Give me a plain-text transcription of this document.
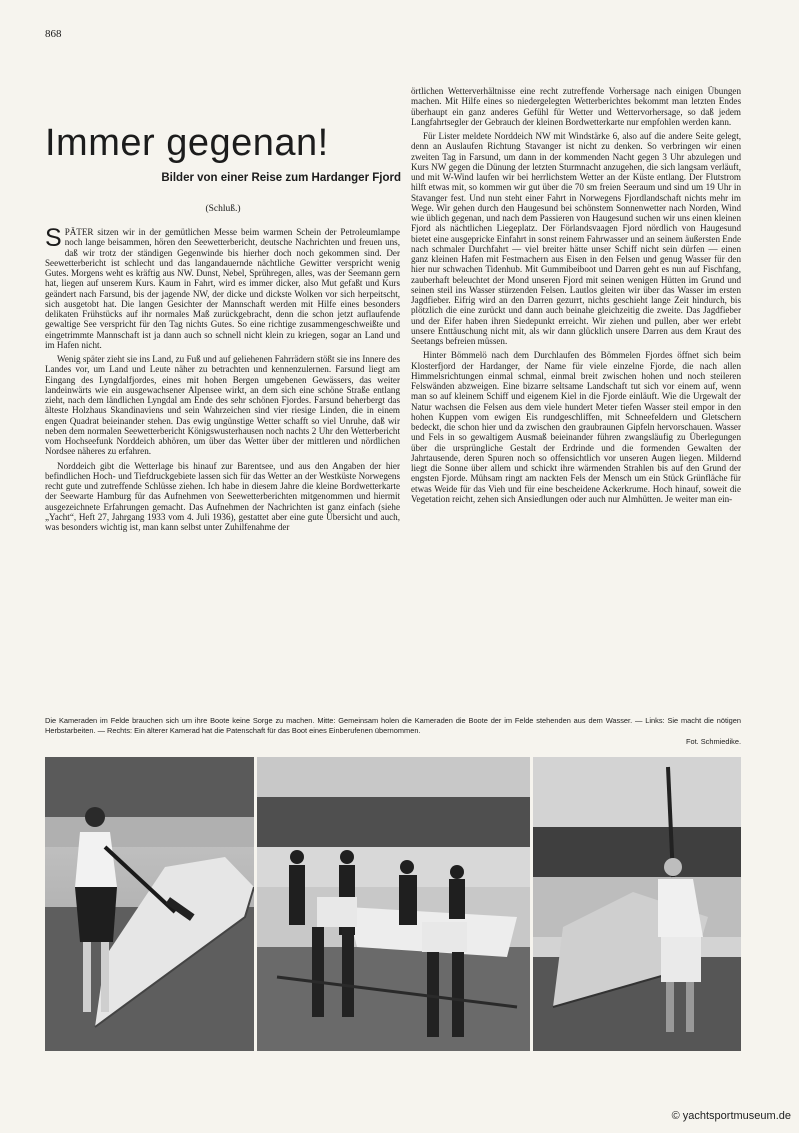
868
Immer gegenan!
Bilder von einer Reise zum Hardanger Fjord
(Schluß.)

SPÄTER sitzen wir in der gemütlichen Messe beim warmen Schein der Petroleumlampe noch lange beisammen, hören den Seewetterbericht, deutsche Nachrichten und freuen uns, daß wir trotz der ständigen Gegenwinde bis hierher doch noch gekommen sind. Der Seewetterbericht ist schlecht und das langandauernde nächtliche Gewitter verspricht wenig Gutes. Morgens weht es kräftig aus NW. Dunst, Nebel, Sprühregen, alles, was der Seemann gern hat, liegen auf unserem Kurs. Kaum in Fahrt, wird es immer dicker, also Mut gefaßt und Kurs geändert nach Farsund, bis der jagende NW, der dicke und dickste Wolken vor sich herpeitscht, sich ausgetobt hat. Die langen Gesichter der Mannschaft werden mit Hilfe eines besonders delikaten Frühstücks auf ihr normales Maß zurückgebracht, denn die schon jetzt auflaufende gewaltige See verspricht für den Tag nichts Gutes. So eine richtige zusammengeschweißte und eingetrimmte Mannschaft ist ja dann auch so schnell nicht klein zu kriegen, sogar an Land und im Hafen nicht.

Wenig später zieht sie ins Land, zu Fuß und auf geliehenen Fahrrädern stößt sie ins Innere des Landes vor, um Land und Leute näher zu betrachten und kennenzulernen. Farsund liegt am Eingang des Lyngdalfjordes, eines mit hohen Bergen umgebenen Gewässers, das weiter landeinwärts wie ein ausgewachsener Alpensee wirkt, an dem sich eine schöne Straße entlang zieht, nach dem ländlichen Lyngdal am Ende des sehr schönen Fjordes. Farsund beherbergt das älteste Holzhaus Skandinaviens und sein Wahrzeichen sind vier riesige Linden, die in einem engen Quadrat beieinander stehen. Das ewig ungünstige Wetter schafft so viel Unruhe, daß wir neben dem normalen Seewetterbericht Königswusterhausen noch nachts 2 Uhr den Wetterbericht vom Hochseefunk Norddeich abhören, um über das Wetter über der mittleren und nördlichen Nordsee näheres zu erfahren.

Norddeich gibt die Wetterlage bis hinauf zur Barentsee, und aus den Angaben der hier befindlichen Hoch- und Tiefdruckgebiete lassen sich für das Wetter an der Westküste Norwegens recht gute und zutreffende Schlüsse ziehen. Ich habe in diesem Jahre die kleine Bordwetterkarte der Seewarte Hamburg für das Aufnehmen von Seewetterberichten mitgenommen und hiermit ausgezeichnete Erfahrungen gemacht. Das Aufnehmen der Nachrichten ist ganz einfach (siehe „Yacht“, Heft 27, Jahrgang 1933 vom 4. Juli 1936), gestattet aber eine gute Übersicht und auch, was besonders wichtig ist, man kann selbst unter Zuhilfenahme der

örtlichen Wetterverhältnisse eine recht zutreffende Vorhersage nach einigen Übungen machen. Mit Hilfe eines so niedergelegten Wetterberichtes bekommt man letzten Endes überhaupt ein ganz anderes Gefühl für Wetter und Wettervorhersage, so daß jedem Langfahrtsegler der Gebrauch der kleinen Bordwetterkarte nur empfohlen werden kann.

Für Lister meldete Norddeich NW mit Windstärke 6, also auf die andere Seite gelegt, denn an Auslaufen Richtung Stavanger ist nicht zu denken. So verbringen wir einen zweiten Tag in Farsund, um dann in der kommenden Nacht gegen 3 Uhr abzulegen und Kurs NW gegen die Dünung der letzten Sturmnacht anzugehen, die sich langsam verläuft, und mit W-Wind laufen wir bei herrlichstem Wetter an der Küste entlang. Der Flutstrom hilft etwas mit, so kommen wir gut über die 70 sm freien Seeraum und sind um 19 Uhr in Stavanger fest. Und nun steht einer Fahrt in Norwegens Fjordlandschaft nichts mehr im Wege. Wir gehen durch den Haugesund bei schönstem Sonnenwetter nach Norden, Wind wie üblich gegenan, und nach dem Passieren von Haugesund suchen wir uns einen kleinen Fjord als nächtlichen Liegeplatz. Der Förlandsvaagen Fjord nördlich von Haugesund bietet eine ausgepricke Einfahrt in sonst reinem Fahrwasser und an seinem äußersten Ende nach schmaler Durchfahrt — viel breiter hätte unser Schiff nicht sein dürfen — einen ganz kleinen Hafen mit Festmachern aus Eisen in den Felsen und genug Wasser für den hier nur schwachen Tidenhub. Mit Gummibeiboot und Darren geht es nun auf Fischfang, zauberhaft beleuchtet der Mond unseren Fjord mit seinen wenigen Hütten im Grund und seinen steil ins Wasser stürzenden Felsen. Lautlos gleiten wir über das Wasser im ersten Jagdfieber. Eifrig wird an den Darren gezurrt, nichts geschieht lange Zeit hindurch, bis plötzlich die eine zurückt und dann auch beinahe gleichzeitig die zweite. Das Jagdfieber und der Eifer haben ihren Siedepunkt erreicht. Wir ziehen und pullen, aber wer erlebt unsere Enttäuschung nicht mit, als wir dann glücklich unsere Darren aus dem Kraut des Seetangs befreien müssen.

Hinter Bömmelö nach dem Durchlaufen des Bömmelen Fjordes öffnet sich beim Klosterfjord der Hardanger, der Name für viele einzelne Fjorde, die nach allen Himmelsrichtungen einmal schmal, einmal breit zwischen hohen und noch steileren Felswänden abzweigen. Eine bizarre seltsame Landschaft tut sich vor einem auf, wenn man so auf kleinem Schiff und eigenem Kiel in die Fjorde einläuft. Wie die Urgewalt der Natur wachsen die Felsen aus dem viele hundert Meter tiefen Wasser steil empor in den hohen Kuppen vom ewigen Eis rundgeschliffen, mit Schneefeldern und Gletschern bedeckt, die schon hier und da zwischen den graubraunen Gipfeln hervorschauen. Wasser und Fels in so gewaltigem Ausmaß beieinander führen zwangsläufig zu Überlegungen über die ursprüngliche Gestalt der Erdrinde und die formenden Gewalten der Jahrtausende, deren Spuren noch so offensichtlich vor unseren Augen liegen. Mildernd liegt die Sonne über allem und schickt ihre wärmenden Strahlen bis auf den Grund der engsten Fjorde. Mühsam ringt am nackten Fels der Mensch um ein Stück Grünfläche für etwas Weide für das Vieh und für eine bescheidene Ackerkrume. Hoch hinauf, soweit die Vegetation reicht, zehen sich Ansiedlungen oder auch nur Almhütten. Je weiter man ein-

Die Kameraden im Felde brauchen sich um ihre Boote keine Sorge zu machen. Mitte: Gemeinsam holen die Kameraden die Boote der im Felde stehenden aus dem Wasser. — Links: Sie macht die nötigen Herbstarbeiten. — Rechts: Ein älterer Kamerad hat die Patenschaft für das Boot eines Einberufenen übernommen.
Fot. Schmiedike.
© yachtsportmuseum.de
